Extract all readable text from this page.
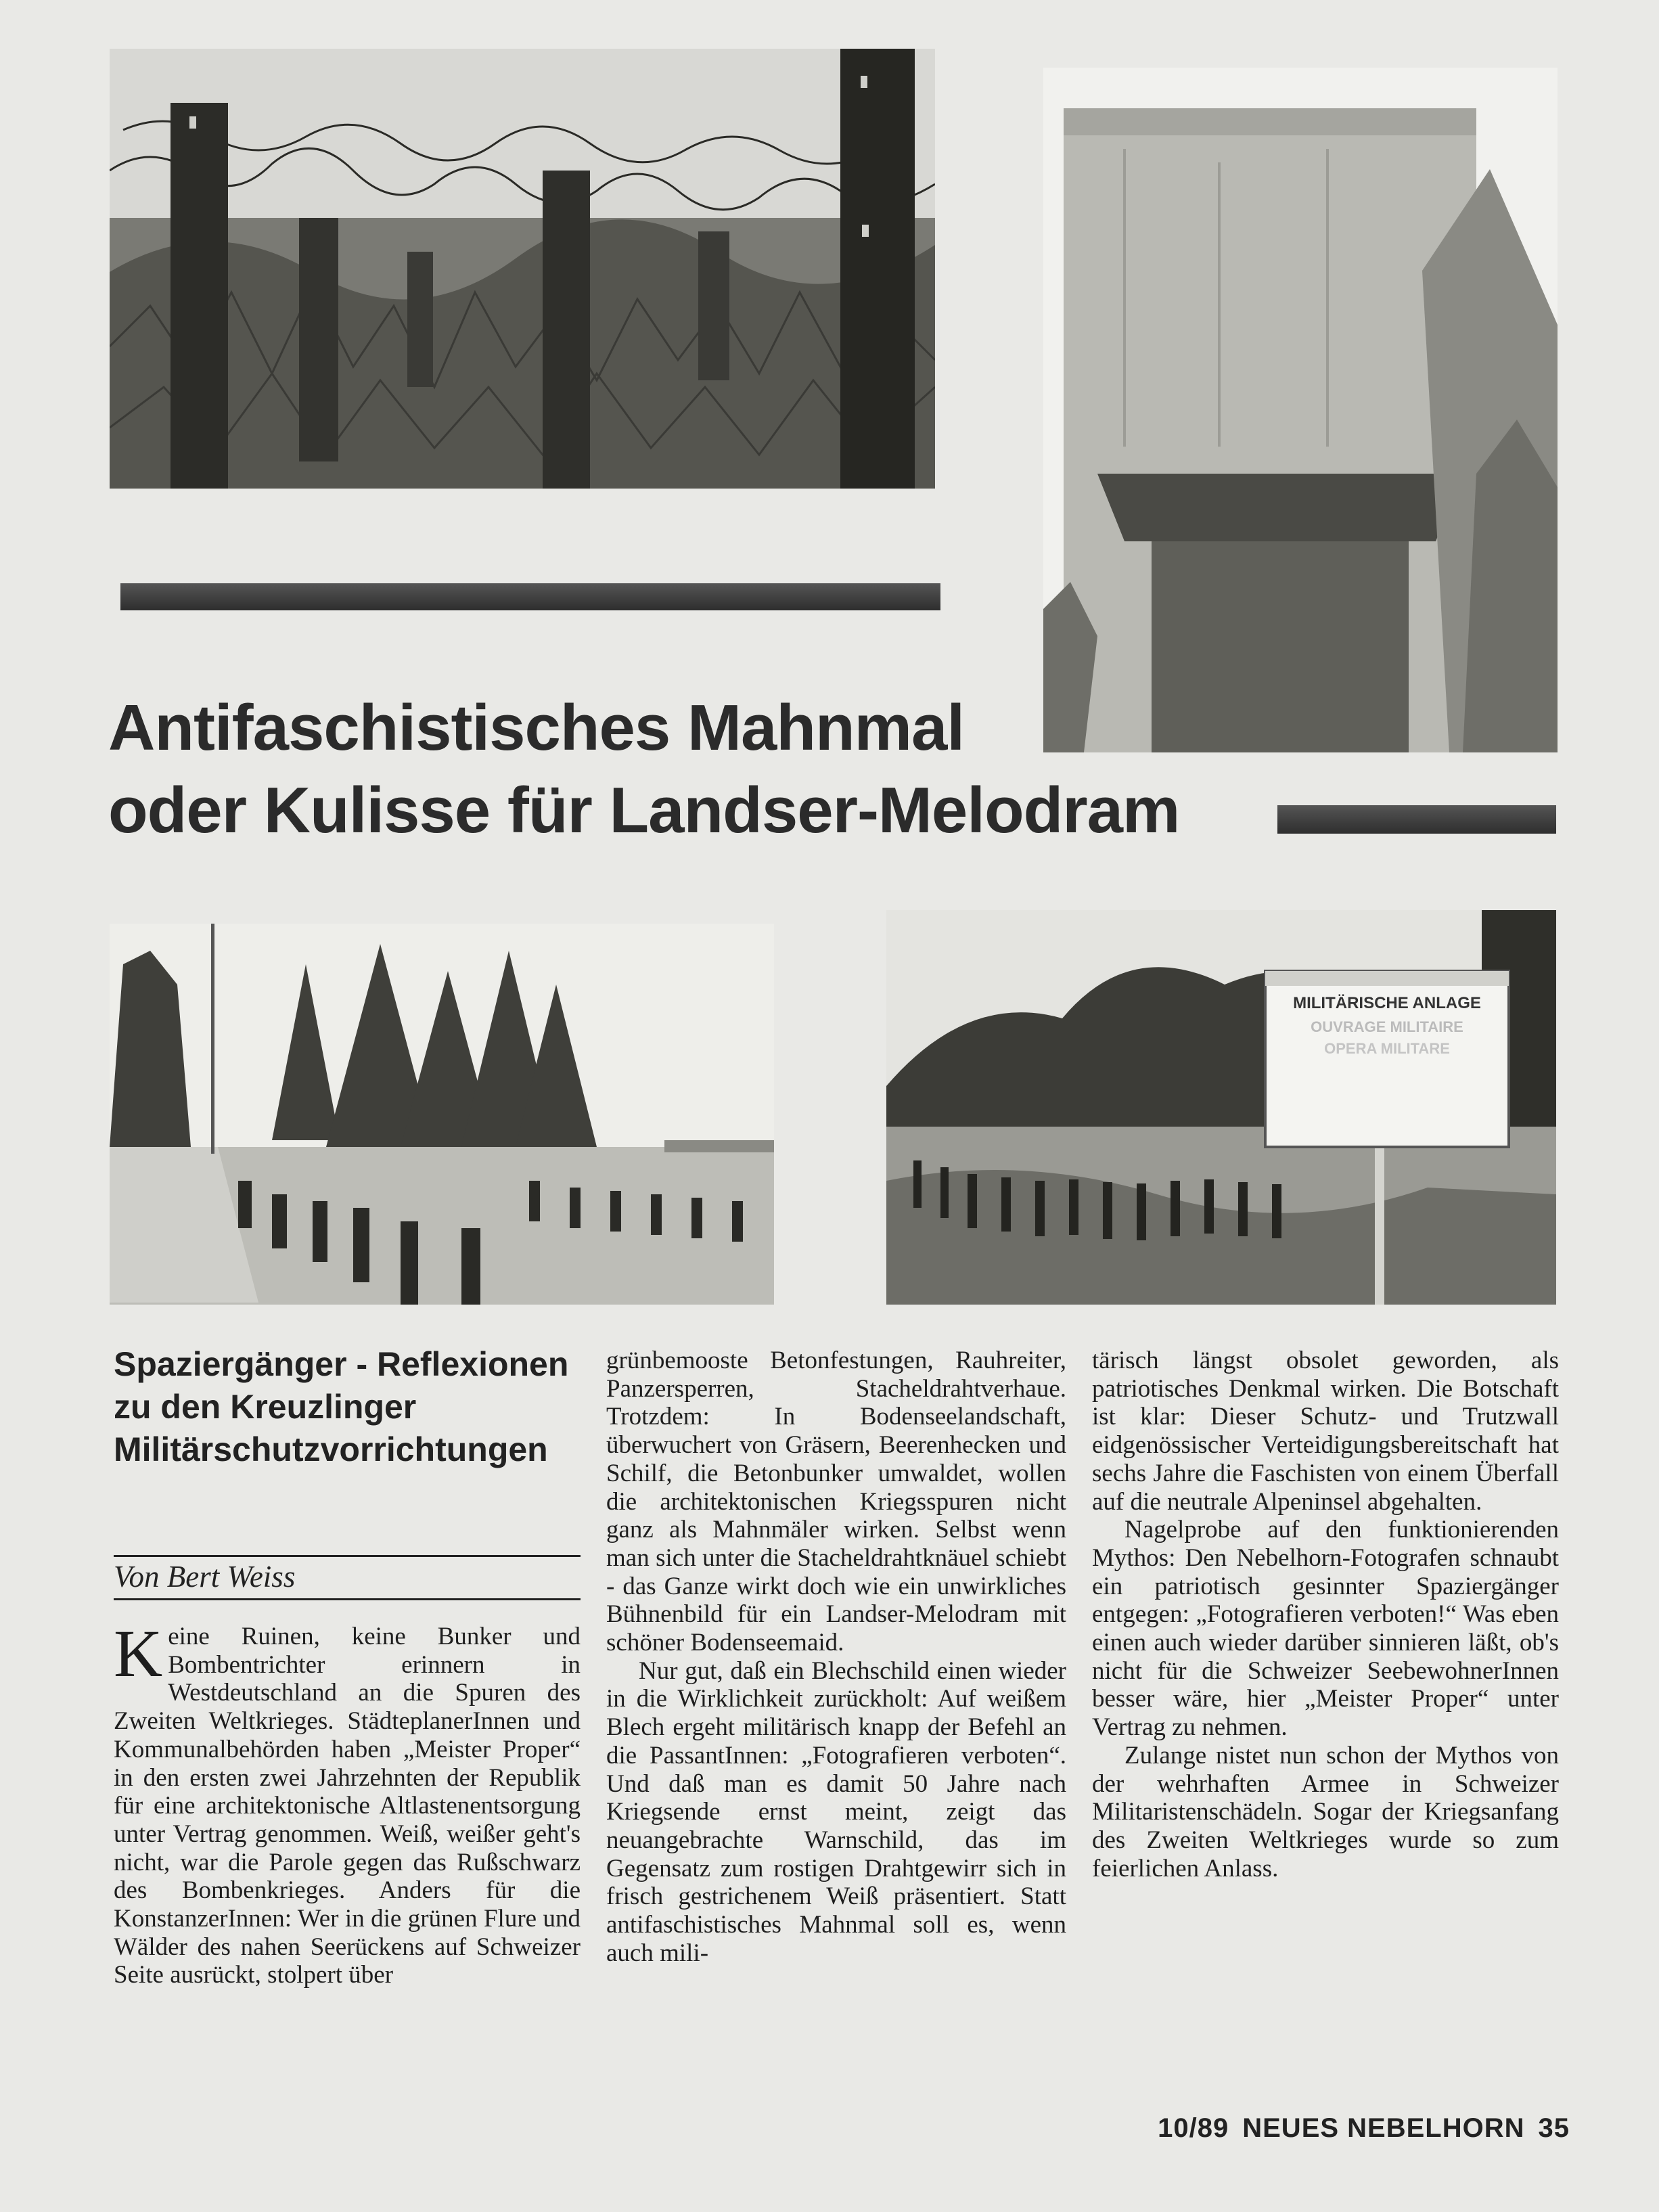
Antifaschistisches Mahnmal
oder Kulisse für Landser-Melodram
MILITÄRISCHE ANLAGE
OUVRAGE MILITAIRE
OPERA MILITARE
Spaziergänger - Reflexionen zu den Kreuzlinger Militärschutzvorrichtungen
Von Bert Weiss

Keine Ruinen, keine Bunker und Bombentrichter erinnern in Westdeutschland an die Spuren des Zweiten Weltkrieges. StädteplanerInnen und Kommunalbehörden haben „Meister Proper“ in den ersten zwei Jahrzehnten der Republik für eine architektonische Altlastenentsorgung unter Vertrag genommen. Weiß, weißer geht's nicht, war die Parole gegen das Rußschwarz des Bombenkrieges. Anders für die KonstanzerInnen: Wer in die grünen Flure und Wälder des nahen Seerückens auf Schweizer Seite ausrückt, stolpert über

grünbemooste Betonfestungen, Rauhreiter, Panzersperren, Stacheldrahtverhaue. Trotzdem: In Bodenseelandschaft, überwuchert von Gräsern, Beerenhecken und Schilf, die Betonbunker umwaldet, wollen die architektonischen Kriegsspuren nicht ganz als Mahnmäler wirken. Selbst wenn man sich unter die Stacheldrahtknäuel schiebt - das Ganze wirkt doch wie ein unwirkliches Bühnenbild für ein Landser-Melodram mit schöner Bodenseemaid.

Nur gut, daß ein Blechschild einen wieder in die Wirklichkeit zurückholt: Auf weißem Blech ergeht militärisch knapp der Befehl an die PassantInnen: „Fotografieren verboten“. Und daß man es damit 50 Jahre nach Kriegsende ernst meint, zeigt das neuangebrachte Warnschild, das im Gegensatz zum rostigen Drahtgewirr sich in frisch gestrichenem Weiß präsentiert. Statt antifaschistisches Mahnmal soll es, wenn auch mili-

tärisch längst obsolet geworden, als patriotisches Denkmal wirken. Die Botschaft ist klar: Dieser Schutz- und Trutzwall eidgenössischer Verteidigungsbereitschaft hat sechs Jahre die Faschisten von einem Überfall auf die neutrale Alpeninsel abgehalten.

Nagelprobe auf den funktionierenden Mythos: Den Nebelhorn-Fotografen schnaubt ein patriotisch gesinnter Spaziergänger entgegen: „Fotografieren verboten!“ Was eben einen auch wieder darüber sinnieren läßt, ob's nicht für die Schweizer SeebewohnerInnen besser wäre, hier „Meister Proper“ unter Vertrag zu nehmen.

Zulange nistet nun schon der Mythos von der wehrhaften Armee in Schweizer Militaristenschädeln. Sogar der Kriegsanfang des Zweiten Weltkrieges wurde so zum feierlichen Anlass.

10/89 NEUES NEBELHORN 35
